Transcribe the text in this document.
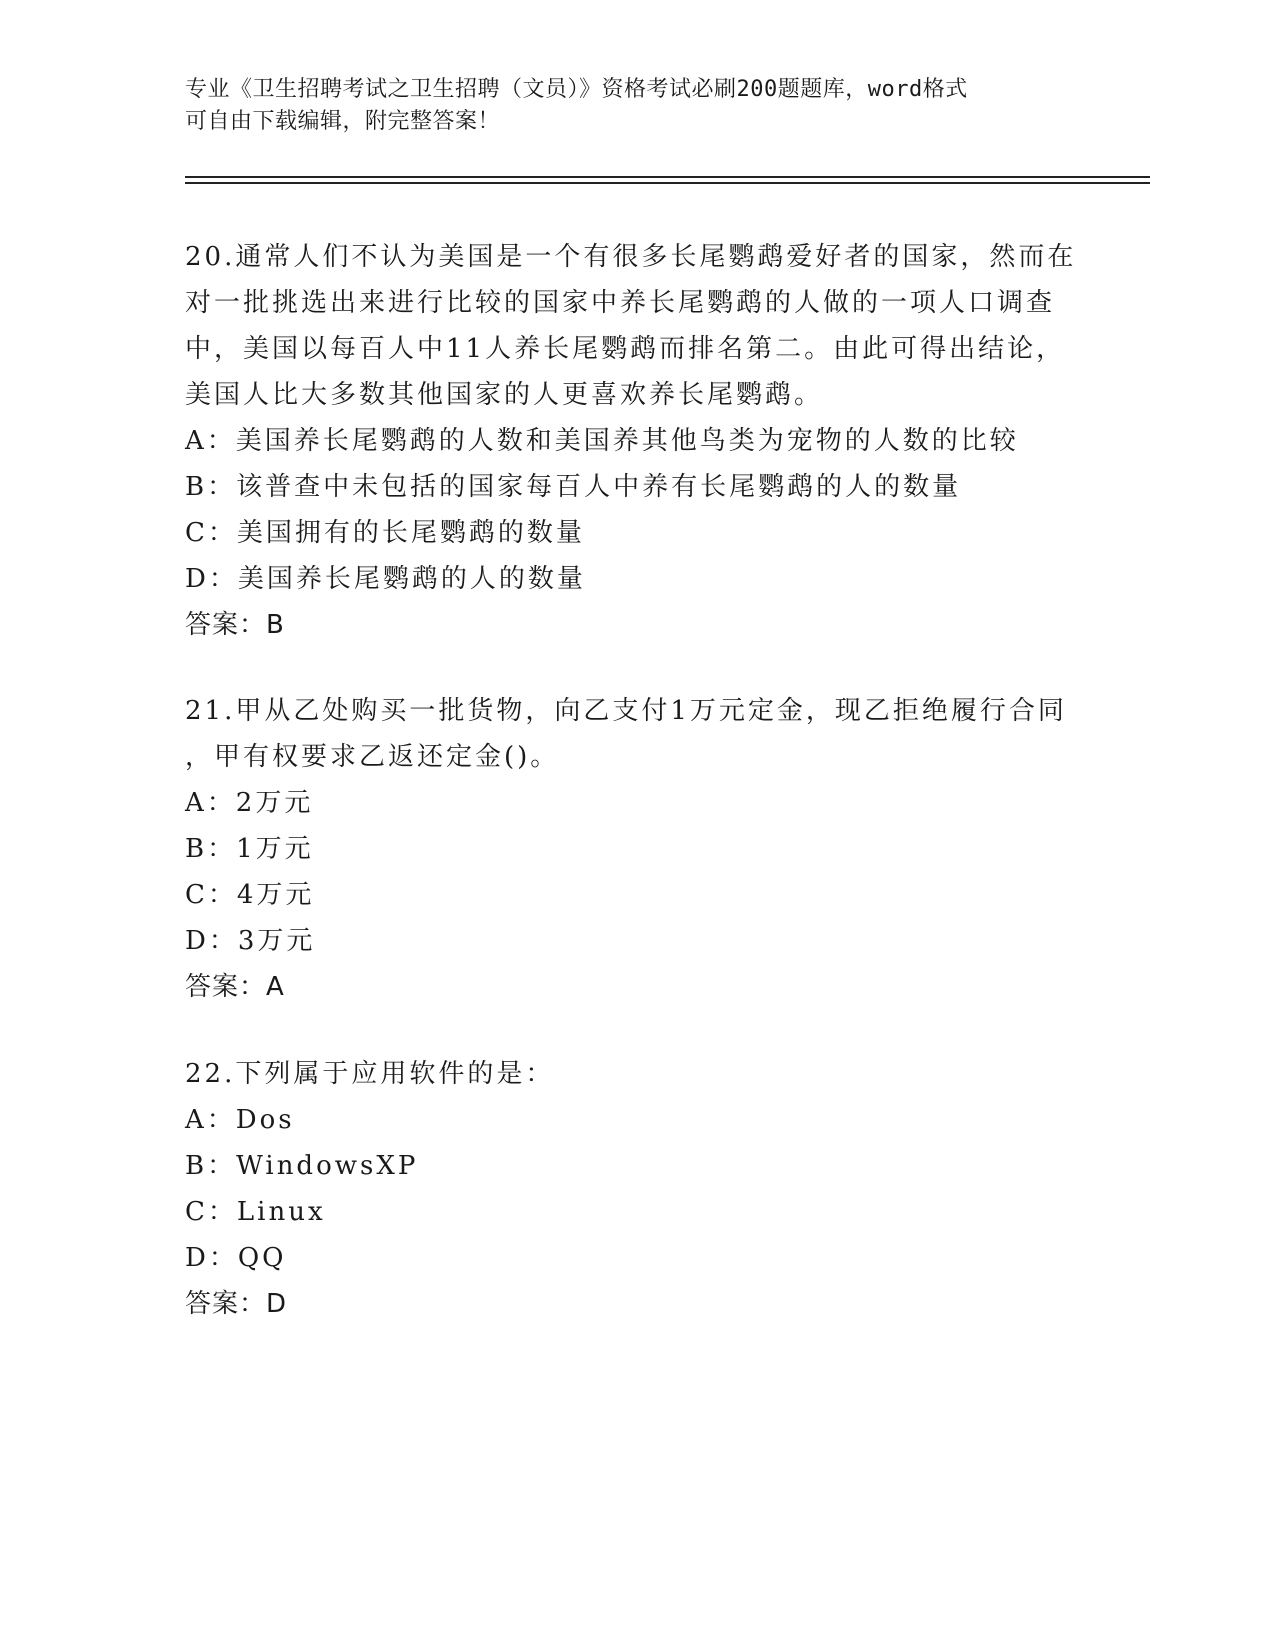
专业《卫生招聘考试之卫生招聘（文员）》资格考试必刷200题题库，word格式
可自由下载编辑，附完整答案！

20.通常人们不认为美国是一个有很多长尾鹦鹉爱好者的国家，然而在

对一批挑选出来进行比较的国家中养长尾鹦鹉的人做的一项人口调查

中，美国以每百人中11人养长尾鹦鹉而排名第二。由此可得出结论，

美国人比大多数其他国家的人更喜欢养长尾鹦鹉。

A：美国养长尾鹦鹉的人数和美国养其他鸟类为宠物的人数的比较

B：该普查中未包括的国家每百人中养有长尾鹦鹉的人的数量

C：美国拥有的长尾鹦鹉的数量

D：美国养长尾鹦鹉的人的数量

答案：B

21.甲从乙处购买一批货物，向乙支付1万元定金，现乙拒绝履行合同

，甲有权要求乙返还定金()。

A：2万元

B：1万元

C：4万元

D：3万元

答案：A

22.下列属于应用软件的是：

A：Dos

B：WindowsXP

C：Linux

D：QQ

答案：D
